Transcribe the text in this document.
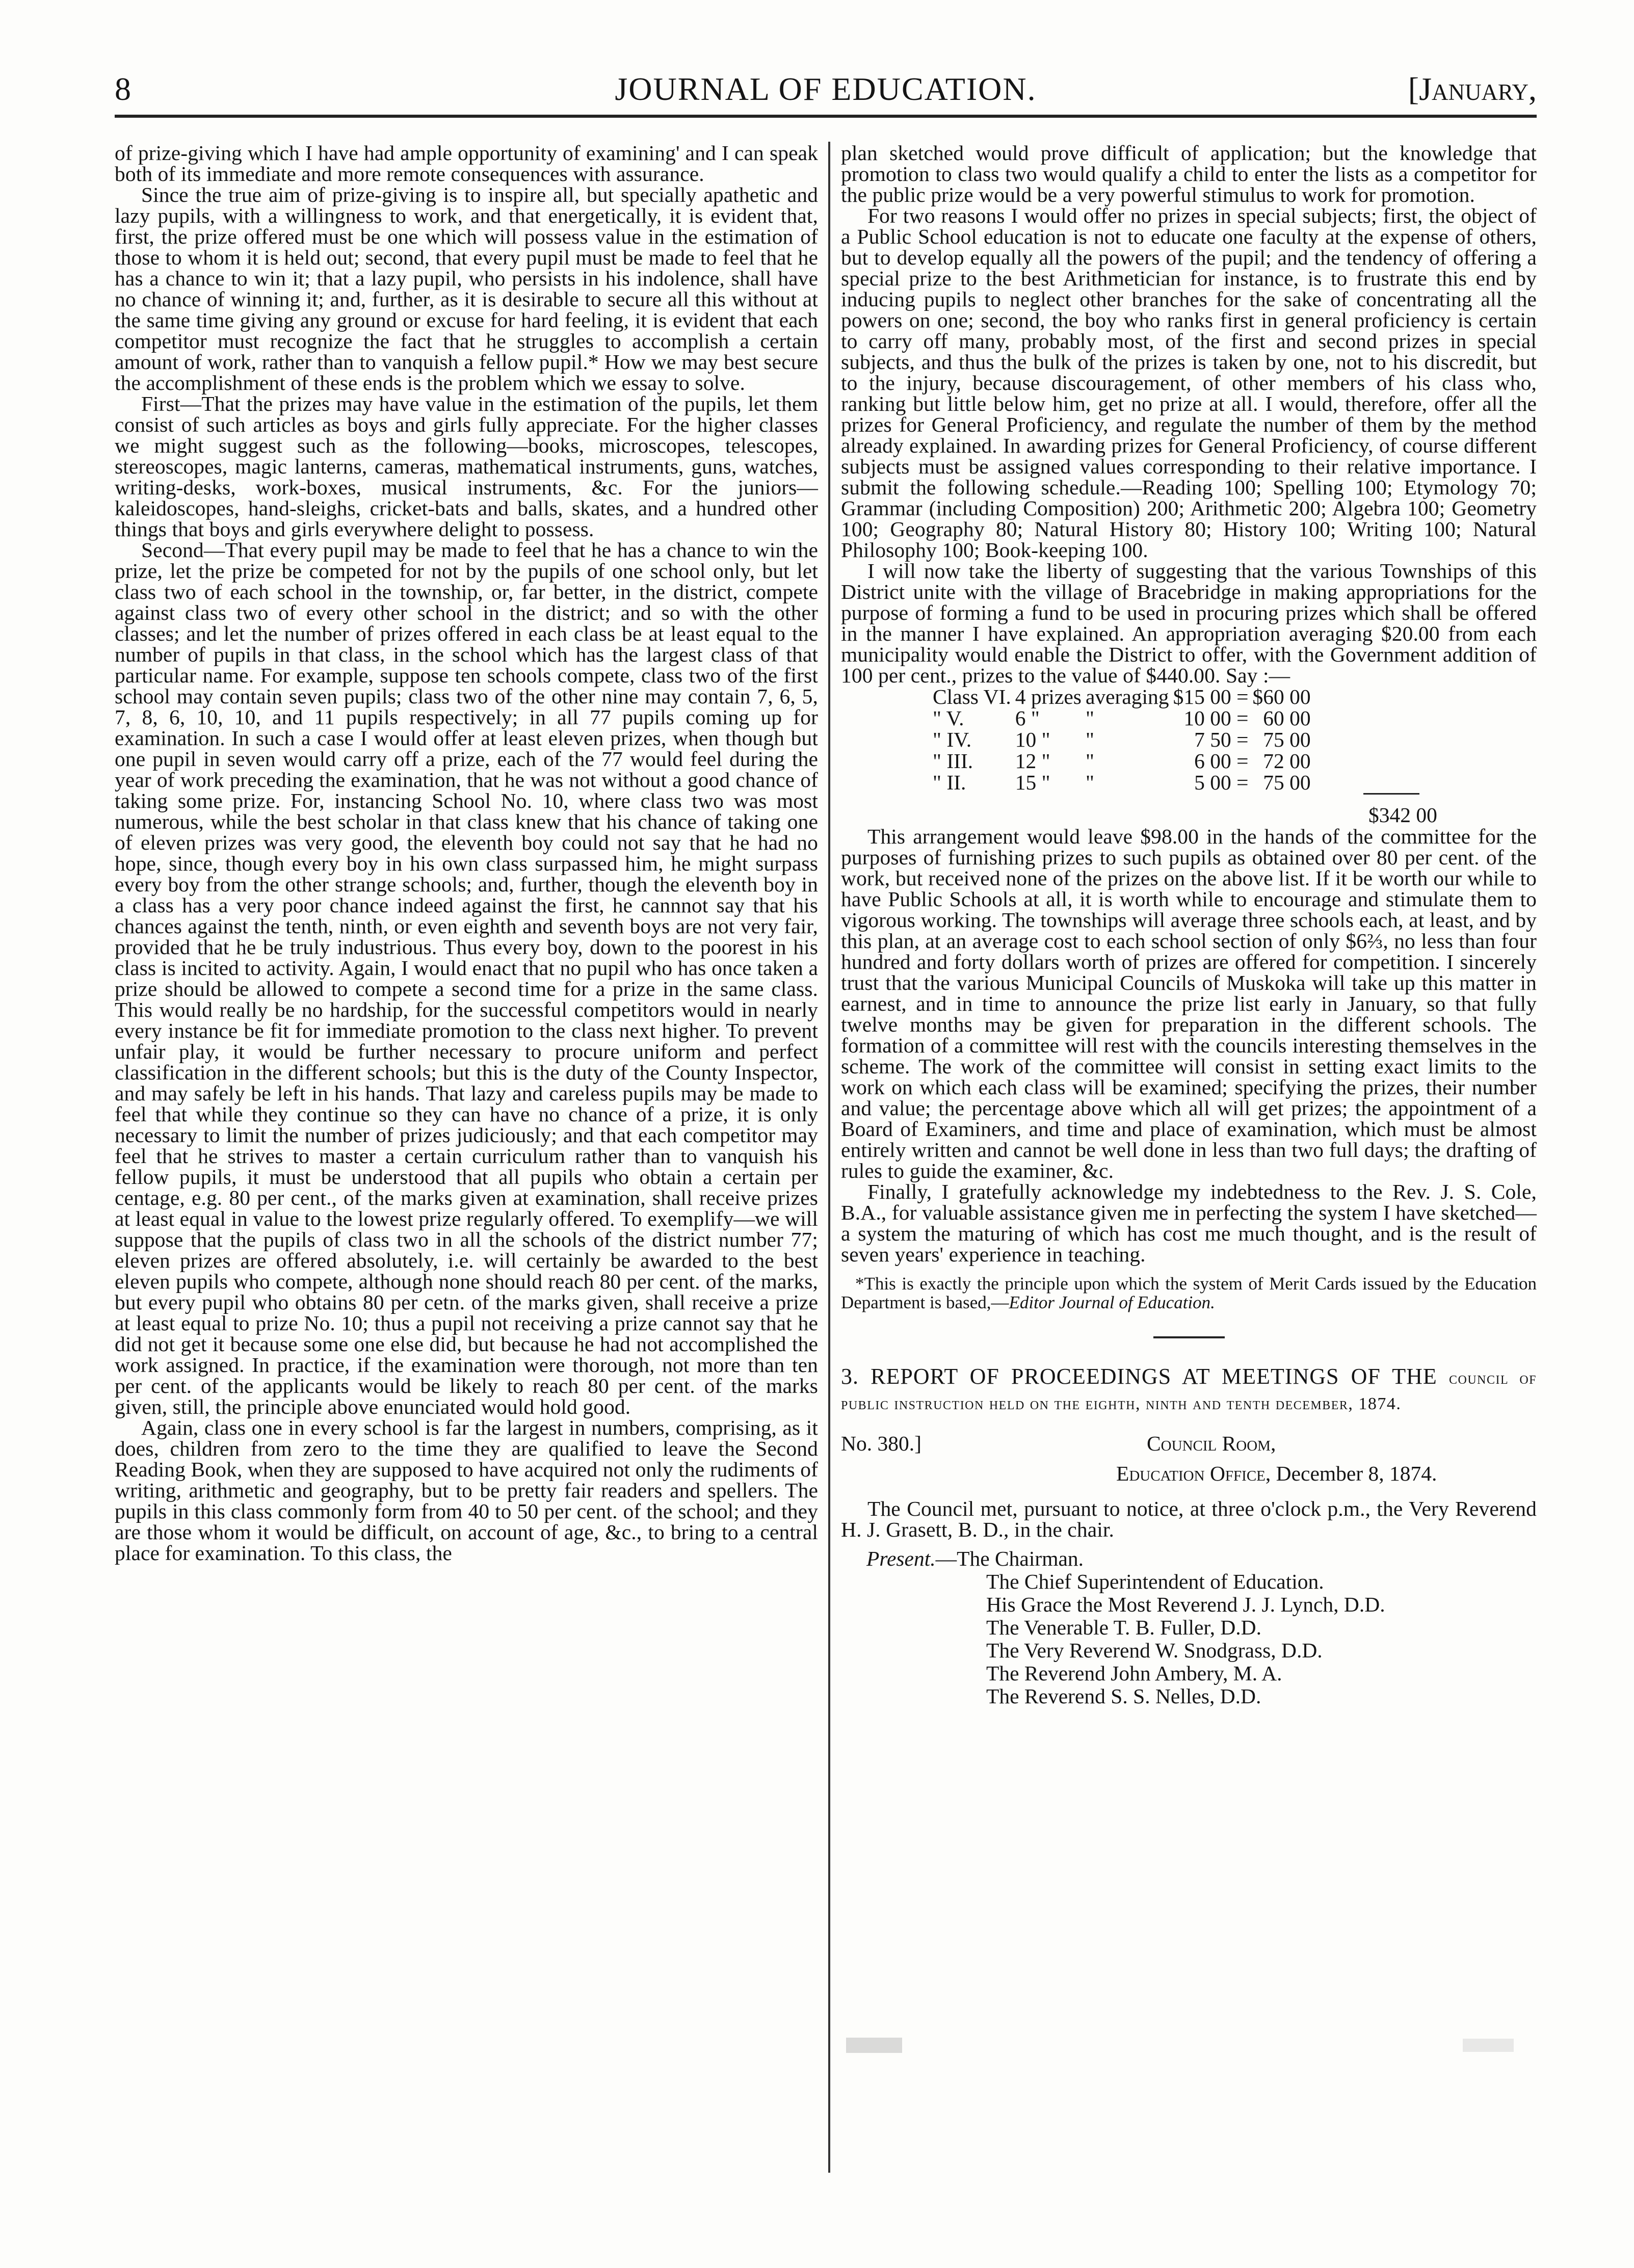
8	JOURNAL OF EDUCATION.	[January,

of prize-giving which I have had ample opportunity of examining' and I can speak both of its immediate and more remote consequences with assurance.

Since the true aim of prize-giving is to inspire all, but specially apathetic and lazy pupils, with a willingness to work, and that energetically, it is evident that, first, the prize offered must be one which will possess value in the estimation of those to whom it is held out; second, that every pupil must be made to feel that he has a chance to win it; that a lazy pupil, who persists in his indolence, shall have no chance of winning it; and, further, as it is desirable to secure all this without at the same time giving any ground or excuse for hard feeling, it is evident that each competitor must recognize the fact that he struggles to accomplish a certain amount of work, rather than to vanquish a fellow pupil.* How we may best secure the accomplishment of these ends is the problem which we essay to solve.

First—That the prizes may have value in the estimation of the pupils, let them consist of such articles as boys and girls fully appreciate. For the higher classes we might suggest such as the following—books, microscopes, telescopes, stereoscopes, magic lanterns, cameras, mathematical instruments, guns, watches, writing-desks, work-boxes, musical instruments, &c. For the juniors—kaleidoscopes, hand-sleighs, cricket-bats and balls, skates, and a hundred other things that boys and girls everywhere delight to possess.

Second—That every pupil may be made to feel that he has a chance to win the prize, let the prize be competed for not by the pupils of one school only, but let class two of each school in the township, or, far better, in the district, compete against class two of every other school in the district; and so with the other classes; and let the number of prizes offered in each class be at least equal to the number of pupils in that class, in the school which has the largest class of that particular name. For example, suppose ten schools compete, class two of the first school may contain seven pupils; class two of the other nine may contain 7, 6, 5, 7, 8, 6, 10, 10, and 11 pupils respectively; in all 77 pupils coming up for examination. In such a case I would offer at least eleven prizes, when though but one pupil in seven would carry off a prize, each of the 77 would feel during the year of work preceding the examination, that he was not without a good chance of taking some prize. For, instancing School No. 10, where class two was most numerous, while the best scholar in that class knew that his chance of taking one of eleven prizes was very good, the eleventh boy could not say that he had no hope, since, though every boy in his own class surpassed him, he might surpass every boy from the other strange schools; and, further, though the eleventh boy in a class has a very poor chance indeed against the first, he cannnot say that his chances against the tenth, ninth, or even eighth and seventh boys are not very fair, provided that he be truly industrious. Thus every boy, down to the poorest in his class is incited to activity. Again, I would enact that no pupil who has once taken a prize should be allowed to compete a second time for a prize in the same class. This would really be no hardship, for the successful competitors would in nearly every instance be fit for immediate promotion to the class next higher. To prevent unfair play, it would be further necessary to procure uniform and perfect classification in the different schools; but this is the duty of the County Inspector, and may safely be left in his hands. That lazy and careless pupils may be made to feel that while they continue so they can have no chance of a prize, it is only necessary to limit the number of prizes judiciously; and that each competitor may feel that he strives to master a certain curriculum rather than to vanquish his fellow pupils, it must be understood that all pupils who obtain a certain per centage, e.g. 80 per cent., of the marks given at examination, shall receive prizes at least equal in value to the lowest prize regularly offered. To exemplify—we will suppose that the pupils of class two in all the schools of the district number 77; eleven prizes are offered absolutely, i.e. will certainly be awarded to the best eleven pupils who compete, although none should reach 80 per cent. of the marks, but every pupil who obtains 80 per cetn. of the marks given, shall receive a prize at least equal to prize No. 10; thus a pupil not receiving a prize cannot say that he did not get it because some one else did, but because he had not accomplished the work assigned. In practice, if the examination were thorough, not more than ten per cent. of the applicants would be likely to reach 80 per cent. of the marks given, still, the principle above enunciated would hold good.

Again, class one in every school is far the largest in numbers, comprising, as it does, children from zero to the time they are qualified to leave the Second Reading Book, when they are supposed to have acquired not only the rudiments of writing, arithmetic and geography, but to be pretty fair readers and spellers. The pupils in this class commonly form from 40 to 50 per cent. of the school; and they are those whom it would be difficult, on account of age, &c., to bring to a central place for examination. To this class, the

plan sketched would prove difficult of application; but the knowledge that promotion to class two would qualify a child to enter the lists as a competitor for the public prize would be a very powerful stimulus to work for promotion.

For two reasons I would offer no prizes in special subjects; first, the object of a Public School education is not to educate one faculty at the expense of others, but to develop equally all the powers of the pupil; and the tendency of offering a special prize to the best Arithmetician for instance, is to frustrate this end by inducing pupils to neglect other branches for the sake of concentrating all the powers on one; second, the boy who ranks first in general proficiency is certain to carry off many, probably most, of the first and second prizes in special subjects, and thus the bulk of the prizes is taken by one, not to his discredit, but to the injury, because discouragement, of other members of his class who, ranking but little below him, get no prize at all. I would, therefore, offer all the prizes for General Proficiency, and regulate the number of them by the method already explained. In awarding prizes for General Proficiency, of course different subjects must be assigned values corresponding to their relative importance. I submit the following schedule.—Reading 100; Spelling 100; Etymology 70; Grammar (including Composition) 200; Arithmetic 200; Algebra 100; Geometry 100; Geography 80; Natural History 80; History 100; Writing 100; Natural Philosophy 100; Book-keeping 100.

I will now take the liberty of suggesting that the various Townships of this District unite with the village of Bracebridge in making appropriations for the purpose of forming a fund to be used in procuring prizes which shall be offered in the manner I have explained. An appropriation averaging $20.00 from each municipality would enable the District to offer, with the Government addition of 100 per cent., prizes to the value of $440.00. Say :—

Class VI.	4 prizes	averaging	$15 00 =	$60 00
" V.	6 "	"	10 00 =	60 00
" IV.	10 "	"	7 50 =	75 00
" III.	12 "	"	6 00 =	72 00
" II.	15 "	"	5 00 =	75 00
$342 00

This arrangement would leave $98.00 in the hands of the committee for the purposes of furnishing prizes to such pupils as obtained over 80 per cent. of the work, but received none of the prizes on the above list. If it be worth our while to have Public Schools at all, it is worth while to encourage and stimulate them to vigorous working. The townships will average three schools each, at least, and by this plan, at an average cost to each school section of only $6⅔, no less than four hundred and forty dollars worth of prizes are offered for competition. I sincerely trust that the various Municipal Councils of Muskoka will take up this matter in earnest, and in time to announce the prize list early in January, so that fully twelve months may be given for preparation in the different schools. The formation of a committee will rest with the councils interesting themselves in the scheme. The work of the committee will consist in setting exact limits to the work on which each class will be examined; specifying the prizes, their number and value; the percentage above which all will get prizes; the appointment of a Board of Examiners, and time and place of examination, which must be almost entirely written and cannot be well done in less than two full days; the drafting of rules to guide the examiner, &c.

Finally, I gratefully acknowledge my indebtedness to the Rev. J. S. Cole, B.A., for valuable assistance given me in perfecting the system I have sketched—a system the maturing of which has cost me much thought, and is the result of seven years' experience in teaching.

*This is exactly the principle upon which the system of Merit Cards issued by the Education Department is based,—Editor Journal of Education.

3. REPORT OF PROCEEDINGS AT MEETINGS OF THE council of public instruction held on the eighth, ninth and tenth december, 1874.

No. 380.]	Council Room,
Education Office, December 8, 1874.

The Council met, pursuant to notice, at three o'clock p.m., the Very Reverend H. J. Grasett, B. D., in the chair.

Present.—The Chairman.

The Chief Superintendent of Education.
His Grace the Most Reverend J. J. Lynch, D.D.
The Venerable T. B. Fuller, D.D.
The Very Reverend W. Snodgrass, D.D.
The Reverend John Ambery, M. A.
The Reverend S. S. Nelles, D.D.
